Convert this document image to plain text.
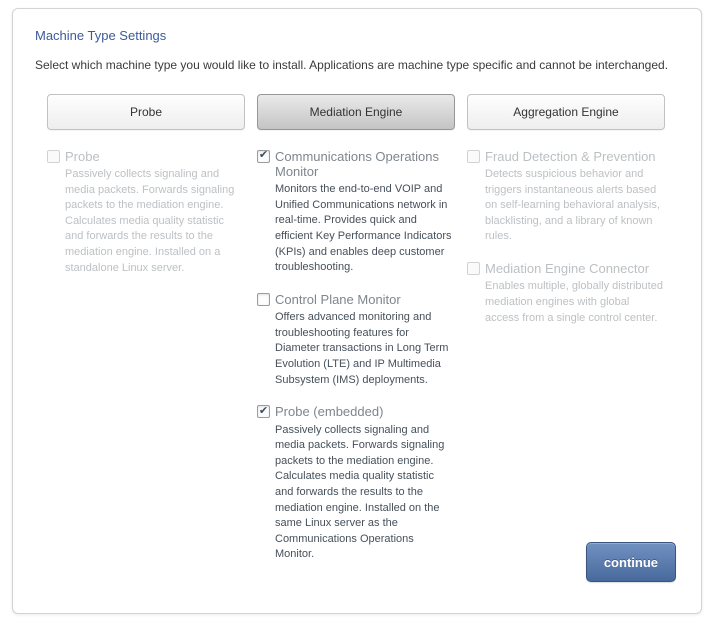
Machine Type Settings

Select which machine type you would like to install. Applications are machine type specific and cannot be interchanged.

Probe	Mediation Engine	Aggregation Engine
Probe
Passively collects signaling and media packets. Forwards signaling packets to the mediation engine. Calculates media quality statistic and forwards the results to the mediation engine. Installed on a standalone Linux server.
✔ Communications Operations Monitor
Monitors the end-to-end VOIP and Unified Communications network in real-time. Provides quick and efficient Key Performance Indicators (KPIs) and enables deep customer troubleshooting.
Control Plane Monitor
Offers advanced monitoring and troubleshooting features for Diameter transactions in Long Term Evolution (LTE) and IP Multimedia Subsystem (IMS) deployments.
✔ Probe (embedded)
Passively collects signaling and media packets. Forwards signaling packets to the mediation engine. Calculates media quality statistic and forwards the results to the mediation engine. Installed on the same Linux server as the Communications Operations Monitor.
Fraud Detection & Prevention
Detects suspicious behavior and triggers instantaneous alerts based on self-learning behavioral analysis, blacklisting, and a library of known rules.
Mediation Engine Connector
Enables multiple, globally distributed mediation engines with global access from a single control center.
continue
